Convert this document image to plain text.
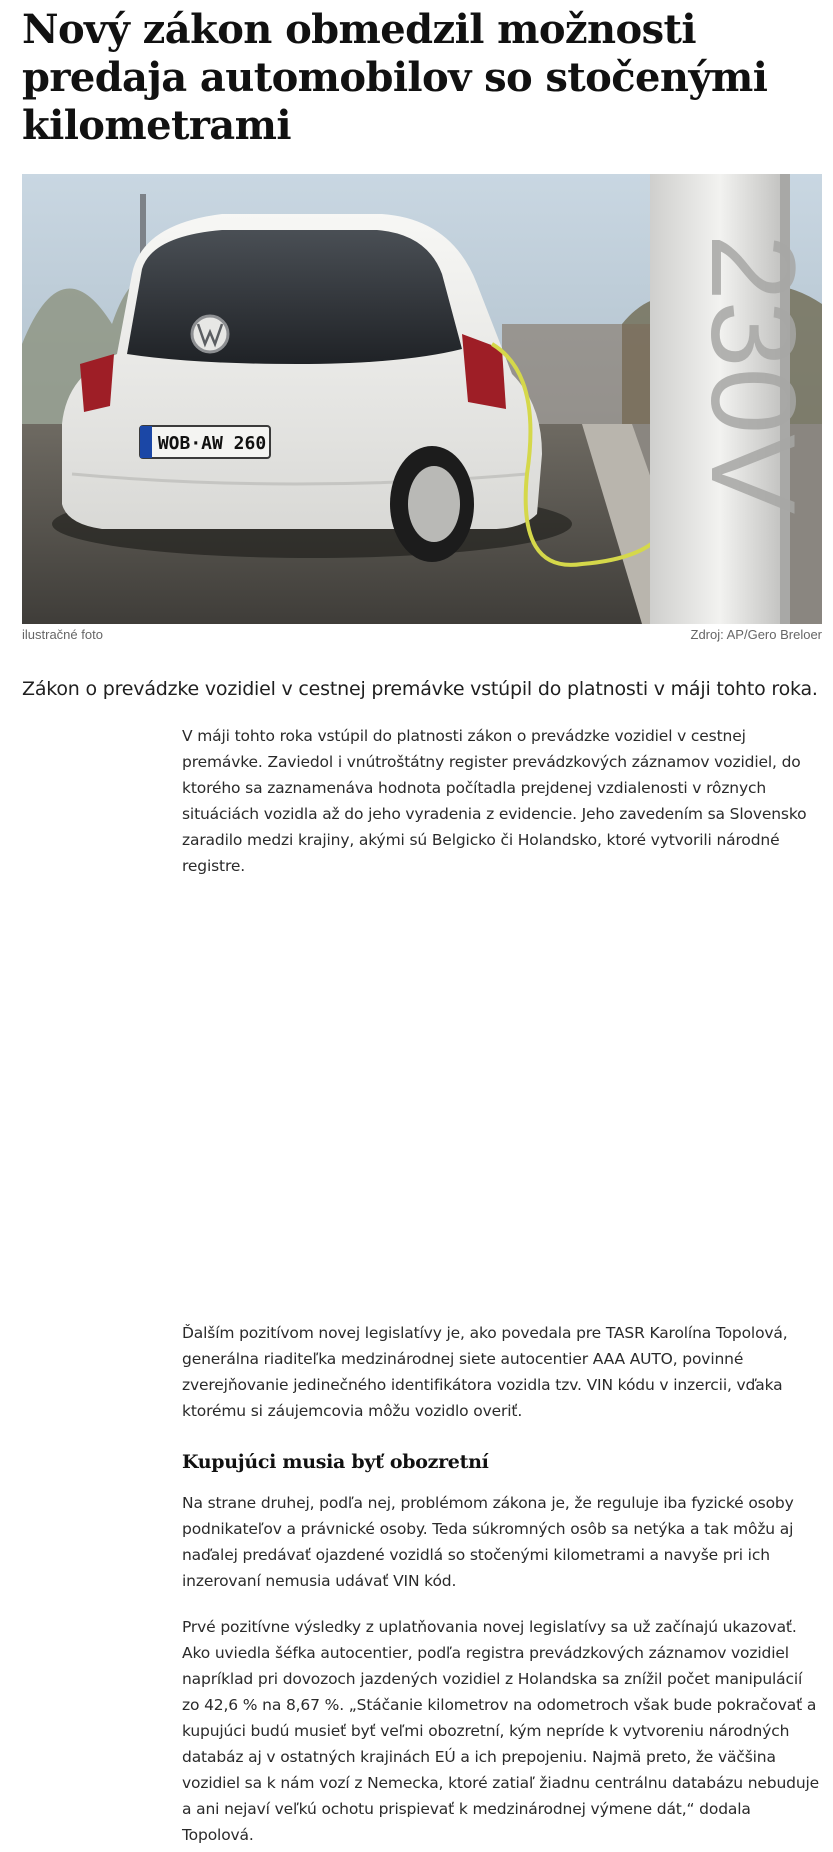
Nový zákon obmedzil možnosti predaja automobilov so stočenými kilometrami
WOB·AW 260	230V
ilustračné foto	Zdroj: AP/Gero Breloer

Zákon o prevádzke vozidiel v cestnej premávke vstúpil do platnosti v máji tohto roka.

V máji tohto roka vstúpil do platnosti zákon o prevádzke vozidiel v cestnej premávke. Zaviedol i vnútroštátny register prevádzkových záznamov vozidiel, do ktorého sa zaznamenáva hodnota počítadla prejdenej vzdialenosti v rôznych situáciách vozidla až do jeho vyradenia z evidencie. Jeho zavedením sa Slovensko zaradilo medzi krajiny, akými sú Belgicko či Holandsko, ktoré vytvorili národné registre.

Ďalším pozitívom novej legislatívy je, ako povedala pre TASR Karolína Topolová, generálna riaditeľka medzinárodnej siete autocentier AAA AUTO, povinné zverejňovanie jedinečného identifikátora vozidla tzv. VIN kódu v inzercii, vďaka ktorému si záujemcovia môžu vozidlo overiť.

Kupujúci musia byť obozretní

Na strane druhej, podľa nej, problémom zákona je, že reguluje iba fyzické osoby podnikateľov a právnické osoby. Teda súkromných osôb sa netýka a tak môžu aj naďalej predávať ojazdené vozidlá so stočenými kilometrami a navyše pri ich inzerovaní nemusia udávať VIN kód.

Prvé pozitívne výsledky z uplatňovania novej legislatívy sa už začínajú ukazovať. Ako uviedla šéfka autocentier, podľa registra prevádzkových záznamov vozidiel napríklad pri dovozoch jazdených vozidiel z Holandska sa znížil počet manipulácií zo 42,6 % na 8,67 %. „Stáčanie kilometrov na odometroch však bude pokračovať a kupujúci budú musieť byť veľmi obozretní, kým nepríde k vytvoreniu národných databáz aj v ostatných krajinách EÚ a ich prepojeniu. Najmä preto, že väčšina vozidiel sa k nám vozí z Nemecka, ktoré zatiaľ žiadnu centrálnu databázu nebuduje a ani nejaví veľkú ochotu prispievať k medzinárodnej výmene dát,“ dodala Topolová.
